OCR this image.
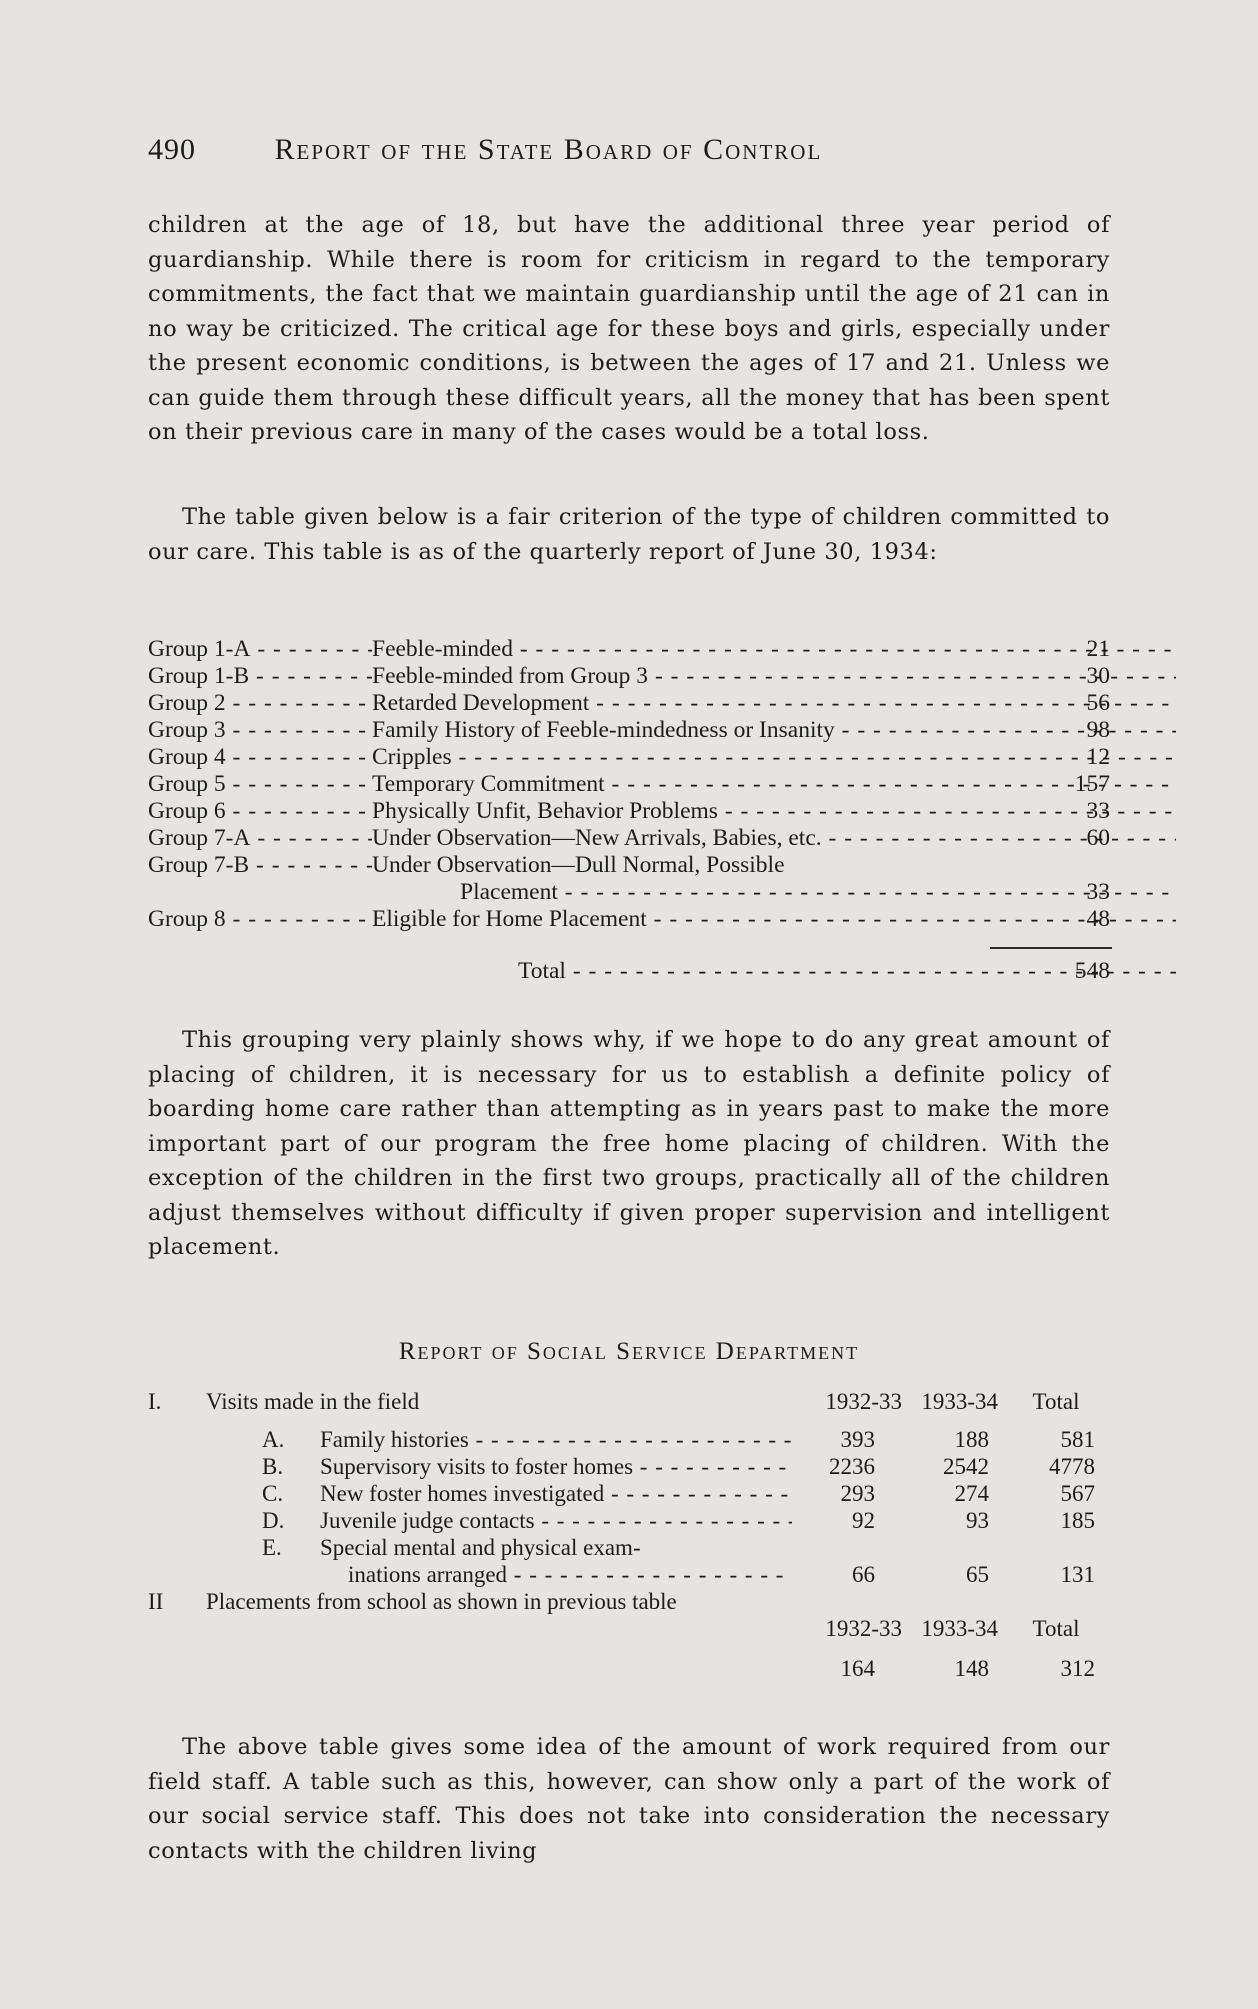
490	Report of the State Board of Control

children at the age of 18, but have the additional three year period of guardianship. While there is room for criticism in regard to the temporary commitments, the fact that we maintain guardianship until the age of 21 can in no way be criticized. The critical age for these boys and girls, especially under the present economic conditions, is between the ages of 17 and 21. Unless we can guide them through these difficult years, all the money that has been spent on their previous care in many of the cases would be a total loss.

The table given below is a fair criterion of the type of children committed to our care. This table is as of the quarterly report of June 30, 1934:

Group 1-A - - -	Feeble-minded - - -	21
Group 1-B - - -	Feeble-minded from Group 3 - - -	30
Group 2 - - -	Retarded Development - - -	56
Group 3 - - -	Family History of Feeble-mindedness or Insanity - - -	98
Group 4 - - -	Cripples - - -	12
Group 5 - - -	Temporary Commitment - - -	157
Group 6 - - -	Physically Unfit, Behavior Problems - - -	33
Group 7-A - - -	Under Observation—New Arrivals, Babies, etc. - - -	60
Group 7-B - - -	Under Observation—Dull Normal, Possible
Placement - - -	33
Group 8 - - -	Eligible for Home Placement - - -	48
Total - - -	548

This grouping very plainly shows why, if we hope to do any great amount of placing of children, it is necessary for us to establish a definite policy of boarding home care rather than attempting as in years past to make the more important part of our program the free home placing of children. With the exception of the children in the first two groups, practically all of the children adjust themselves without difficulty if given proper supervision and intelligent placement.

Report of Social Service Department
I. Visits made in the field	1932-33 1933-34	Total
A. Family histories - - -	393	188	581
B. Supervisory visits to foster homes - - -	2236	2542	4778
C. New foster homes investigated - - -	293	274	567
D. Juvenile judge contacts - - -	92	93	185
E. Special mental and physical exam-
inations arranged - - -	66	65	131
II Placements from school as shown in previous table
1932-33 1933-34	Total
164	148	312

The above table gives some idea of the amount of work required from our field staff. A table such as this, however, can show only a part of the work of our social service staff. This does not take into consideration the necessary contacts with the children living
